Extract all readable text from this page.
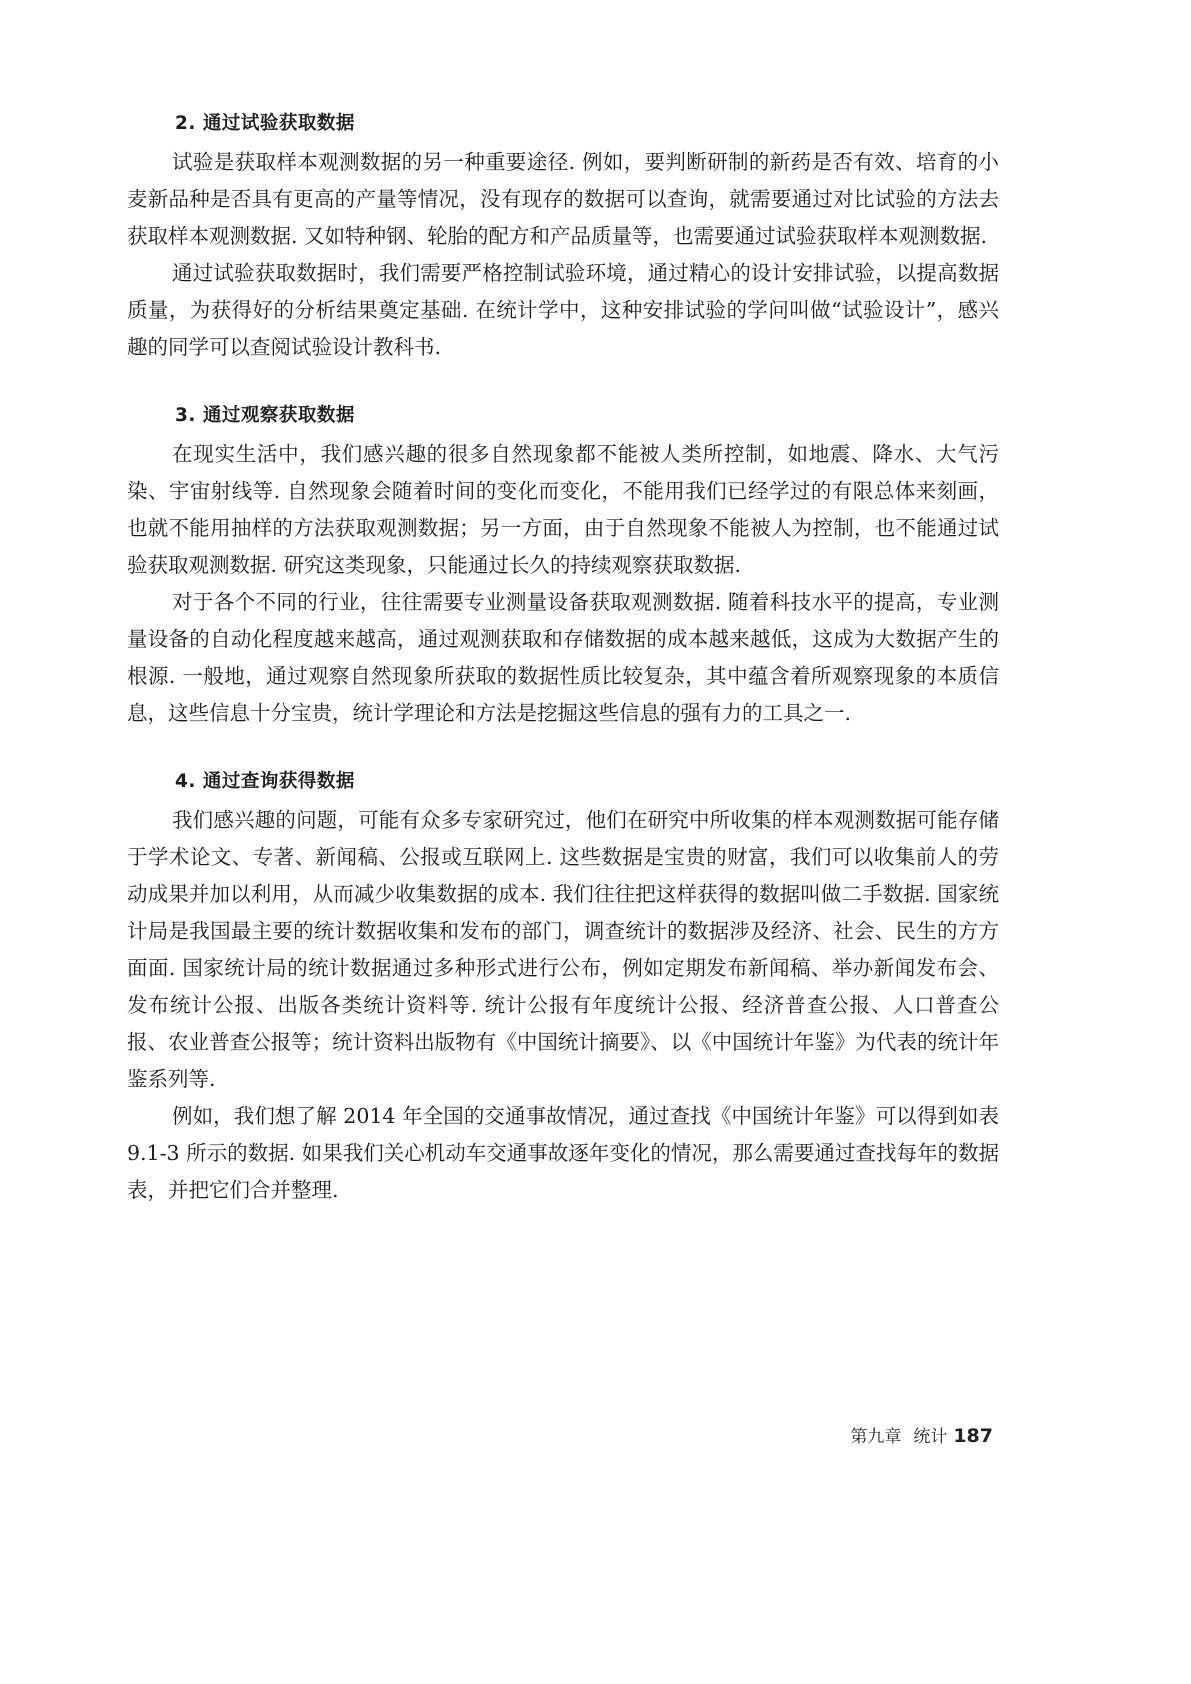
2. 通过试验获取数据

试验是获取样本观测数据的另一种重要途径. 例如，要判断研制的新药是否有效、培育的小麦新品种是否具有更高的产量等情况，没有现存的数据可以查询，就需要通过对比试验的方法去获取样本观测数据. 又如特种钢、轮胎的配方和产品质量等，也需要通过试验获取样本观测数据.

通过试验获取数据时，我们需要严格控制试验环境，通过精心的设计安排试验，以提高数据质量，为获得好的分析结果奠定基础. 在统计学中，这种安排试验的学问叫做“试验设计”，感兴趣的同学可以查阅试验设计教科书.

3. 通过观察获取数据

在现实生活中，我们感兴趣的很多自然现象都不能被人类所控制，如地震、降水、大气污染、宇宙射线等. 自然现象会随着时间的变化而变化，不能用我们已经学过的有限总体来刻画，也就不能用抽样的方法获取观测数据；另一方面，由于自然现象不能被人为控制，也不能通过试验获取观测数据. 研究这类现象，只能通过长久的持续观察获取数据.

对于各个不同的行业，往往需要专业测量设备获取观测数据. 随着科技水平的提高，专业测量设备的自动化程度越来越高，通过观测获取和存储数据的成本越来越低，这成为大数据产生的根源. 一般地，通过观察自然现象所获取的数据性质比较复杂，其中蕴含着所观察现象的本质信息，这些信息十分宝贵，统计学理论和方法是挖掘这些信息的强有力的工具之一.

4. 通过查询获得数据

我们感兴趣的问题，可能有众多专家研究过，他们在研究中所收集的样本观测数据可能存储于学术论文、专著、新闻稿、公报或互联网上. 这些数据是宝贵的财富，我们可以收集前人的劳动成果并加以利用，从而减少收集数据的成本. 我们往往把这样获得的数据叫做二手数据. 国家统计局是我国最主要的统计数据收集和发布的部门，调查统计的数据涉及经济、社会、民生的方方面面. 国家统计局的统计数据通过多种形式进行公布，例如定期发布新闻稿、举办新闻发布会、发布统计公报、出版各类统计资料等. 统计公报有年度统计公报、经济普查公报、人口普查公报、农业普查公报等；统计资料出版物有《中国统计摘要》、以《中国统计年鉴》为代表的统计年鉴系列等.

例如，我们想了解 2014 年全国的交通事故情况，通过查找《中国统计年鉴》可以得到如表 9.1-3 所示的数据. 如果我们关心机动车交通事故逐年变化的情况，那么需要通过查找每年的数据表，并把它们合并整理.

第九章 统计 187
